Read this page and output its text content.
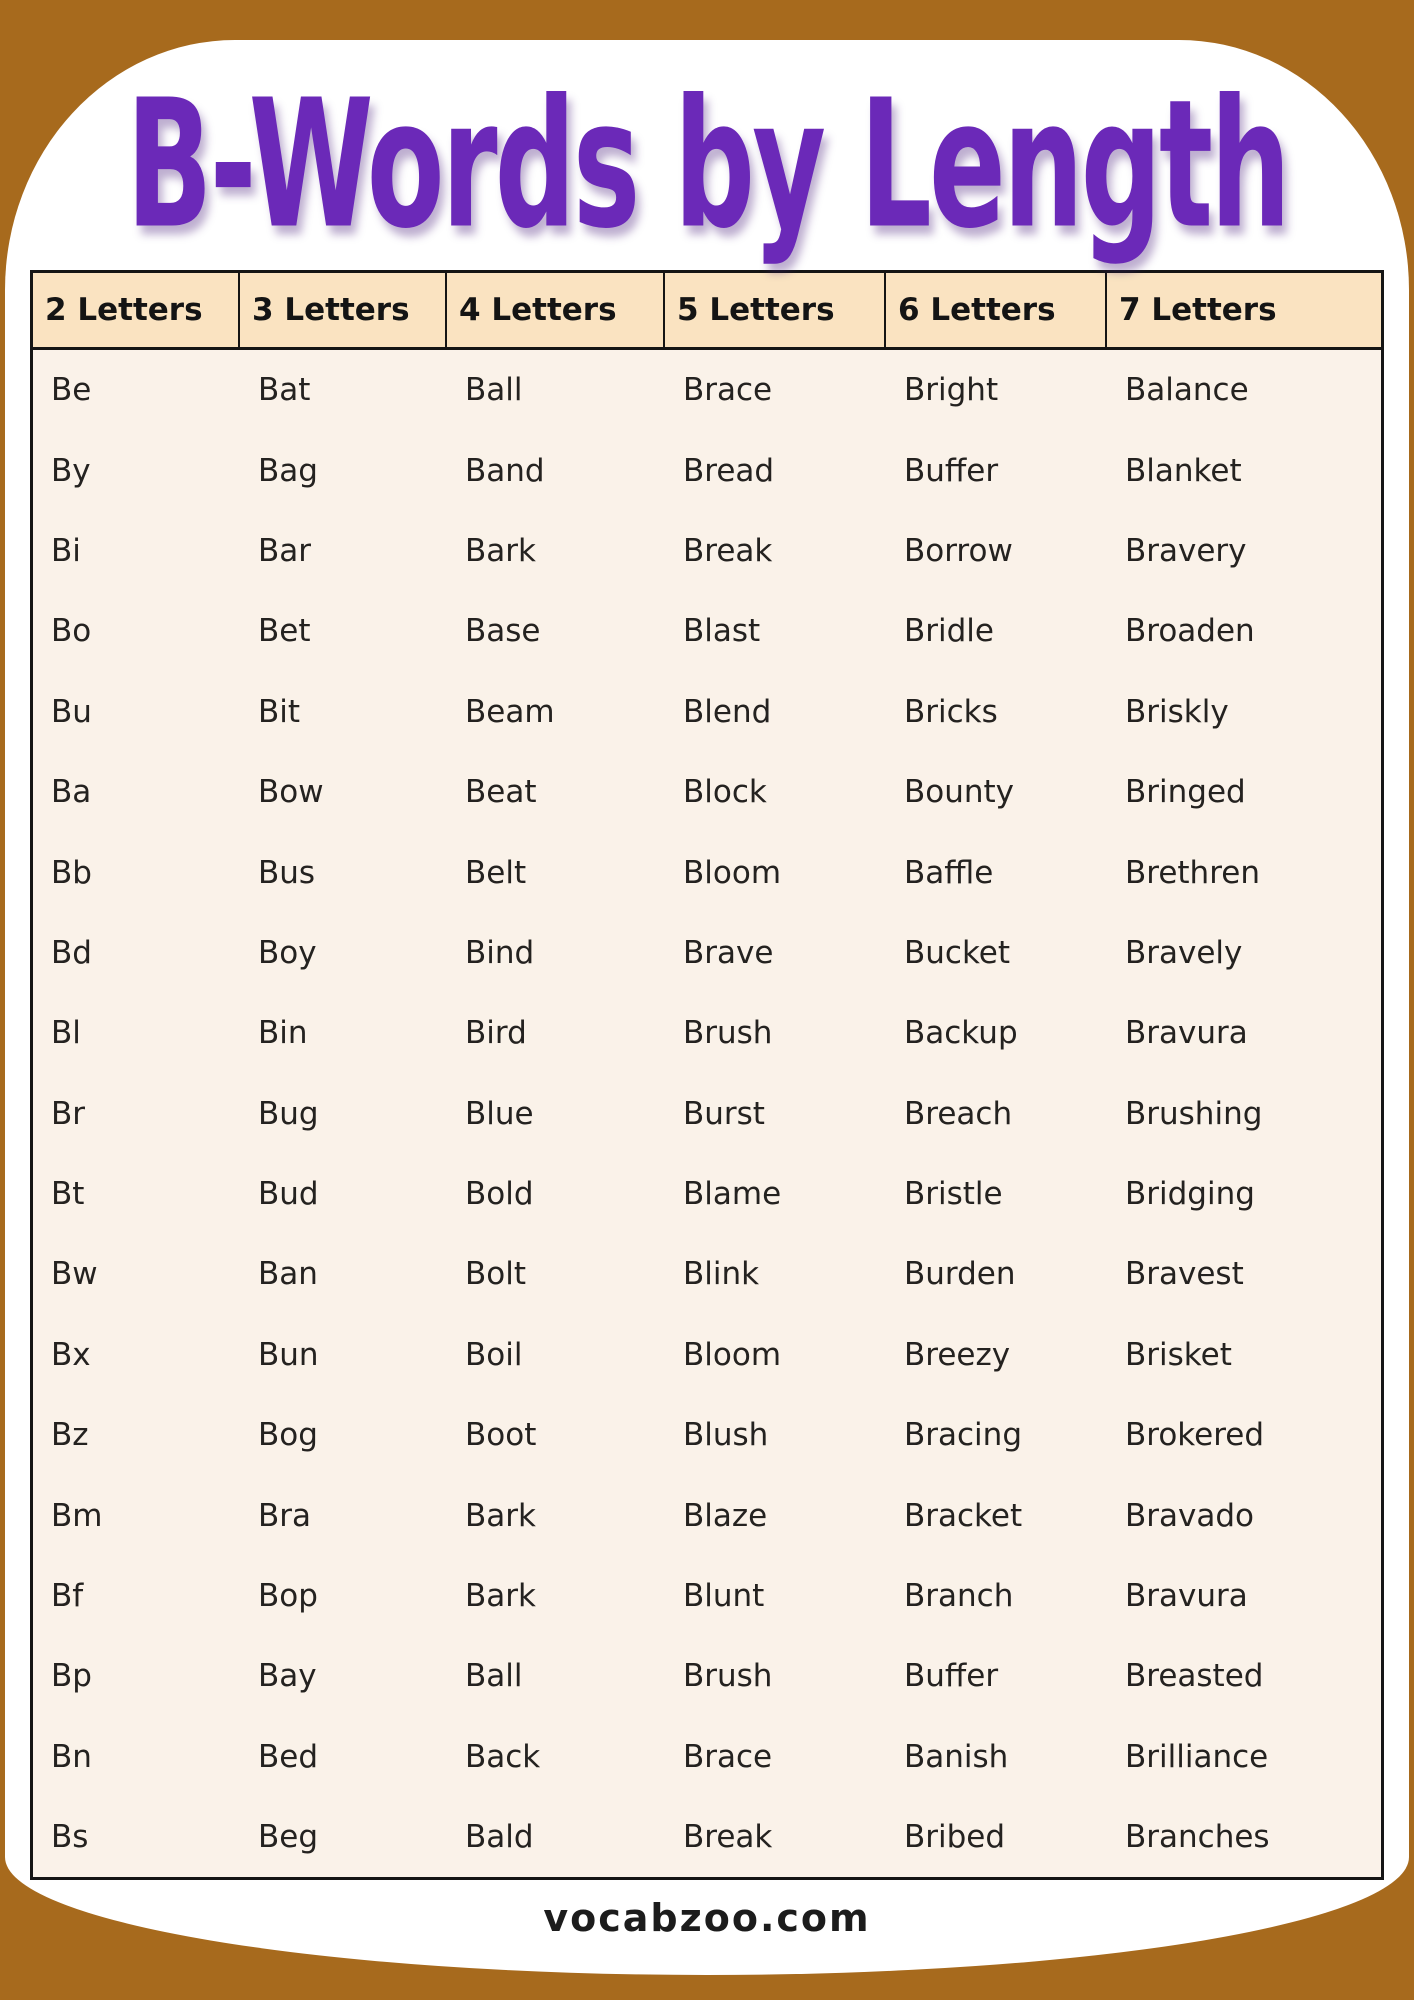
B-Words by Length
2 Letters	3 Letters	4 Letters	5 Letters	6 Letters	7 Letters
Be	Bat	Ball	Brace	Bright	Balance
By	Bag	Band	Bread	Buffer	Blanket
Bi	Bar	Bark	Break	Borrow	Bravery
Bo	Bet	Base	Blast	Bridle	Broaden
Bu	Bit	Beam	Blend	Bricks	Briskly
Ba	Bow	Beat	Block	Bounty	Bringed
Bb	Bus	Belt	Bloom	Baffle	Brethren
Bd	Boy	Bind	Brave	Bucket	Bravely
Bl	Bin	Bird	Brush	Backup	Bravura
Br	Bug	Blue	Burst	Breach	Brushing
Bt	Bud	Bold	Blame	Bristle	Bridging
Bw	Ban	Bolt	Blink	Burden	Bravest
Bx	Bun	Boil	Bloom	Breezy	Brisket
Bz	Bog	Boot	Blush	Bracing	Brokered
Bm	Bra	Bark	Blaze	Bracket	Bravado
Bf	Bop	Bark	Blunt	Branch	Bravura
Bp	Bay	Ball	Brush	Buffer	Breasted
Bn	Bed	Back	Brace	Banish	Brilliance
Bs	Beg	Bald	Break	Bribed	Branches
vocabzoo.com
